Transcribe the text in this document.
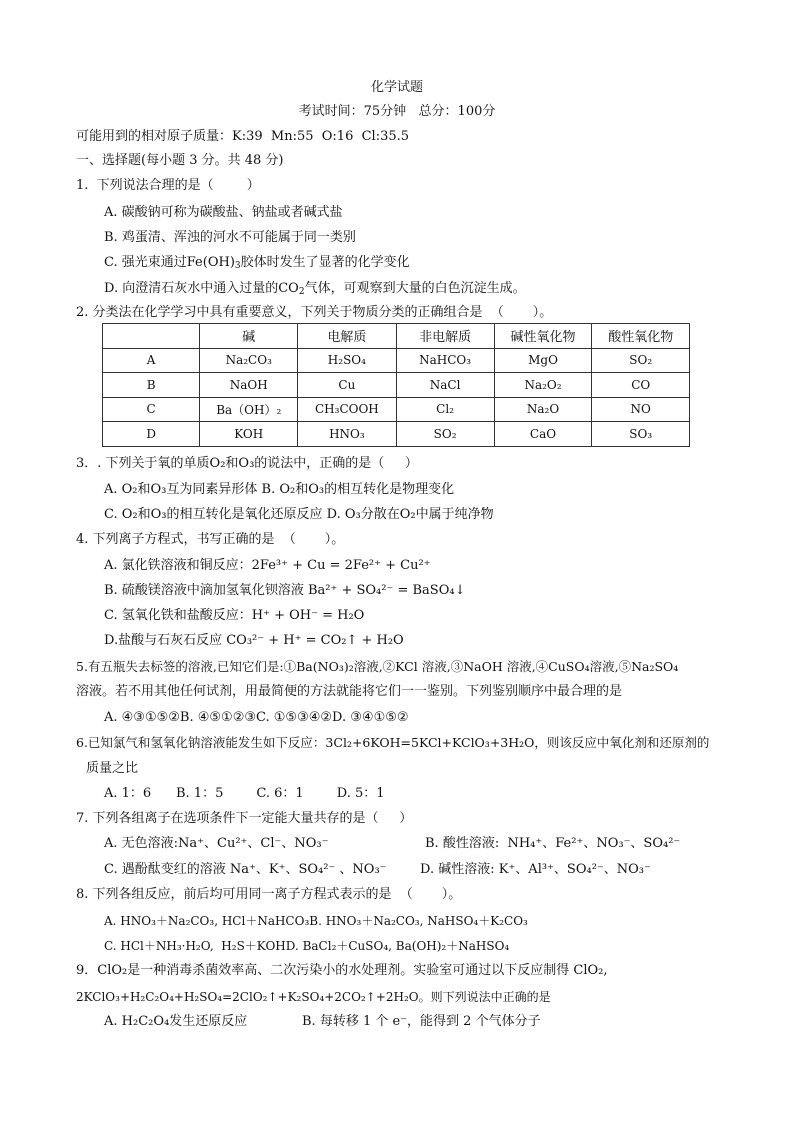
化学试题
考试时间：75分钟   总分：100分
可能用到的相对原子质量：K:39  Mn:55  O:16  Cl:35.5
一、选择题(每小题 3 分。共 48 分)
1.  下列说法合理的是（        ）
A. 碳酸钠可称为碳酸盐、钠盐或者碱式盐
B. 鸡蛋清、浑浊的河水不可能属于同一类别
C. 强光束通过$Fe(OH)_3$胶体时发生了显著的化学变化
D. 向澄清石灰水中通入过量的$CO_2$气体，可观察到大量的白色沉淀生成。
2. 分类法在化学学习中具有重要意义，下列关于物质分类的正确组合是  （       ）。
	碱	电解质	非电解质	碱性氧化物	酸性氧化物
A	Na₂CO₃	H₂SO₄	NaHCO₃	MgO	SO₂
B	NaOH	Cu	NaCl	Na₂O₂	CO
C	Ba（OH）₂	CH₃COOH	Cl₂	Na₂O	NO
D	KOH	HNO₃	SO₂	CaO	SO₃
3．. 下列关于氧的单质O₂和O₃的说法中，正确的是（     ）
A. O₂和O₃互为同素异形体 B. O₂和O₃的相互转化是物理变化
C. O₂和O₃的相互转化是氧化还原反应 D. O₃分散在O₂中属于纯净物
4. 下列离子方程式，书写正确的是  （       ）。
A. 氯化铁溶液和铜反应：2Fe³⁺ + Cu = 2Fe²⁺ + Cu²⁺
B. 硫酸镁溶液中滴加氢氧化钡溶液 Ba²⁺ + SO₄²⁻ = BaSO₄↓
C. 氢氧化铁和盐酸反应：H⁺ + OH⁻ = H₂O
D.盐酸与石灰石反应 CO₃²⁻ + H⁺ = CO₂↑ + H₂O
5.有五瓶失去标签的溶液,已知它们是:①Ba(NO₃)₂溶液,②KCl 溶液,③NaOH 溶液,④CuSO₄溶液,⑤Na₂SO₄
溶液。若不用其他任何试剂，用最简便的方法就能将它们一一鉴别。下列鉴别顺序中最合理的是
A. ④③①⑤②B. ④⑤①②③C. ①⑤③④②D. ③④①⑤②
6.已知氯气和氢氧化钠溶液能发生如下反应：3Cl₂+6KOH=5KCl+KClO₃+3H₂O，则该反应中氧化剂和还原剂的
质量之比
A. 1：6      B. 1：5        C. 6：1        D. 5：1
7. 下列各组离子在选项条件下一定能大量共存的是（     ）
A. 无色溶液:Na⁺、Cu²⁺、Cl⁻、NO₃⁻	B. 酸性溶液:  NH₄⁺、Fe²⁺、NO₃⁻、SO₄²⁻
C. 遇酚酞变红的溶液 Na⁺、K⁺、SO₄²⁻ 、NO₃⁻	D. 碱性溶液: K⁺、Al³⁺、SO₄²⁻、NO₃⁻
8. 下列各组反应，前后均可用同一离子方程式表示的是  （       ）。
A. HNO₃＋Na₂CO₃, HCl＋NaHCO₃B. HNO₃＋Na₂CO₃, NaHSO₄＋K₂CO₃
C. HCl＋NH₃·H₂O,  H₂S＋KOHD. BaCl₂＋CuSO₄, Ba(OH)₂＋NaHSO₄
9．ClO₂是一种消毒杀菌效率高、二次污染小的水处理剂。实验室可通过以下反应制得 ClO₂,
2KClO₃+H₂C₂O₄+H₂SO₄=2ClO₂↑+K₂SO₄+2CO₂↑+2H₂O。则下列说法中正确的是
A. H₂C₂O₄发生还原反应	B. 每转移 1 个 e⁻，能得到 2 个气体分子
